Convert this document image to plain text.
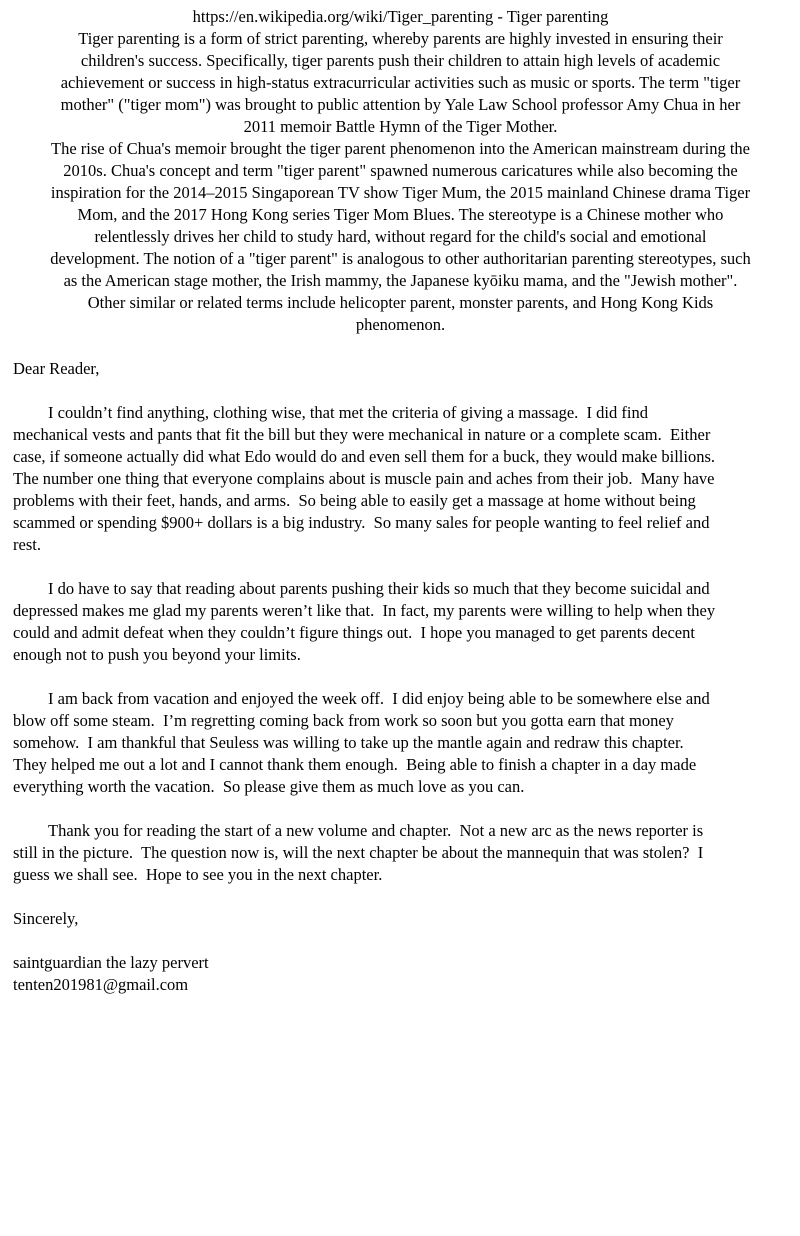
https://en.wikipedia.org/wiki/Tiger_parenting - Tiger parenting
Tiger parenting is a form of strict parenting, whereby parents are highly invested in ensuring their
children's success. Specifically, tiger parents push their children to attain high levels of academic
achievement or success in high-status extracurricular activities such as music or sports. The term "tiger
mother" ("tiger mom") was brought to public attention by Yale Law School professor Amy Chua in her
2011 memoir Battle Hymn of the Tiger Mother.
The rise of Chua's memoir brought the tiger parent phenomenon into the American mainstream during the
2010s. Chua's concept and term "tiger parent" spawned numerous caricatures while also becoming the
inspiration for the 2014–2015 Singaporean TV show Tiger Mum, the 2015 mainland Chinese drama Tiger
Mom, and the 2017 Hong Kong series Tiger Mom Blues. The stereotype is a Chinese mother who
relentlessly drives her child to study hard, without regard for the child's social and emotional
development. The notion of a "tiger parent" is analogous to other authoritarian parenting stereotypes, such
as the American stage mother, the Irish mammy, the Japanese kyōiku mama, and the "Jewish mother".
Other similar or related terms include helicopter parent, monster parents, and Hong Kong Kids
phenomenon.
Dear Reader,
I couldn’t find anything, clothing wise, that met the criteria of giving a massage.  I did find
mechanical vests and pants that fit the bill but they were mechanical in nature or a complete scam.  Either
case, if someone actually did what Edo would do and even sell them for a buck, they would make billions.
The number one thing that everyone complains about is muscle pain and aches from their job.  Many have
problems with their feet, hands, and arms.  So being able to easily get a massage at home without being
scammed or spending $900+ dollars is a big industry.  So many sales for people wanting to feel relief and
rest.
I do have to say that reading about parents pushing their kids so much that they become suicidal and
depressed makes me glad my parents weren’t like that.  In fact, my parents were willing to help when they
could and admit defeat when they couldn’t figure things out.  I hope you managed to get parents decent
enough not to push you beyond your limits.
I am back from vacation and enjoyed the week off.  I did enjoy being able to be somewhere else and
blow off some steam.  I’m regretting coming back from work so soon but you gotta earn that money
somehow.  I am thankful that Seuless was willing to take up the mantle again and redraw this chapter.
They helped me out a lot and I cannot thank them enough.  Being able to finish a chapter in a day made
everything worth the vacation.  So please give them as much love as you can.
Thank you for reading the start of a new volume and chapter.  Not a new arc as the news reporter is
still in the picture.  The question now is, will the next chapter be about the mannequin that was stolen?  I
guess we shall see.  Hope to see you in the next chapter.
Sincerely,
saintguardian the lazy pervert
tenten201981@gmail.com
